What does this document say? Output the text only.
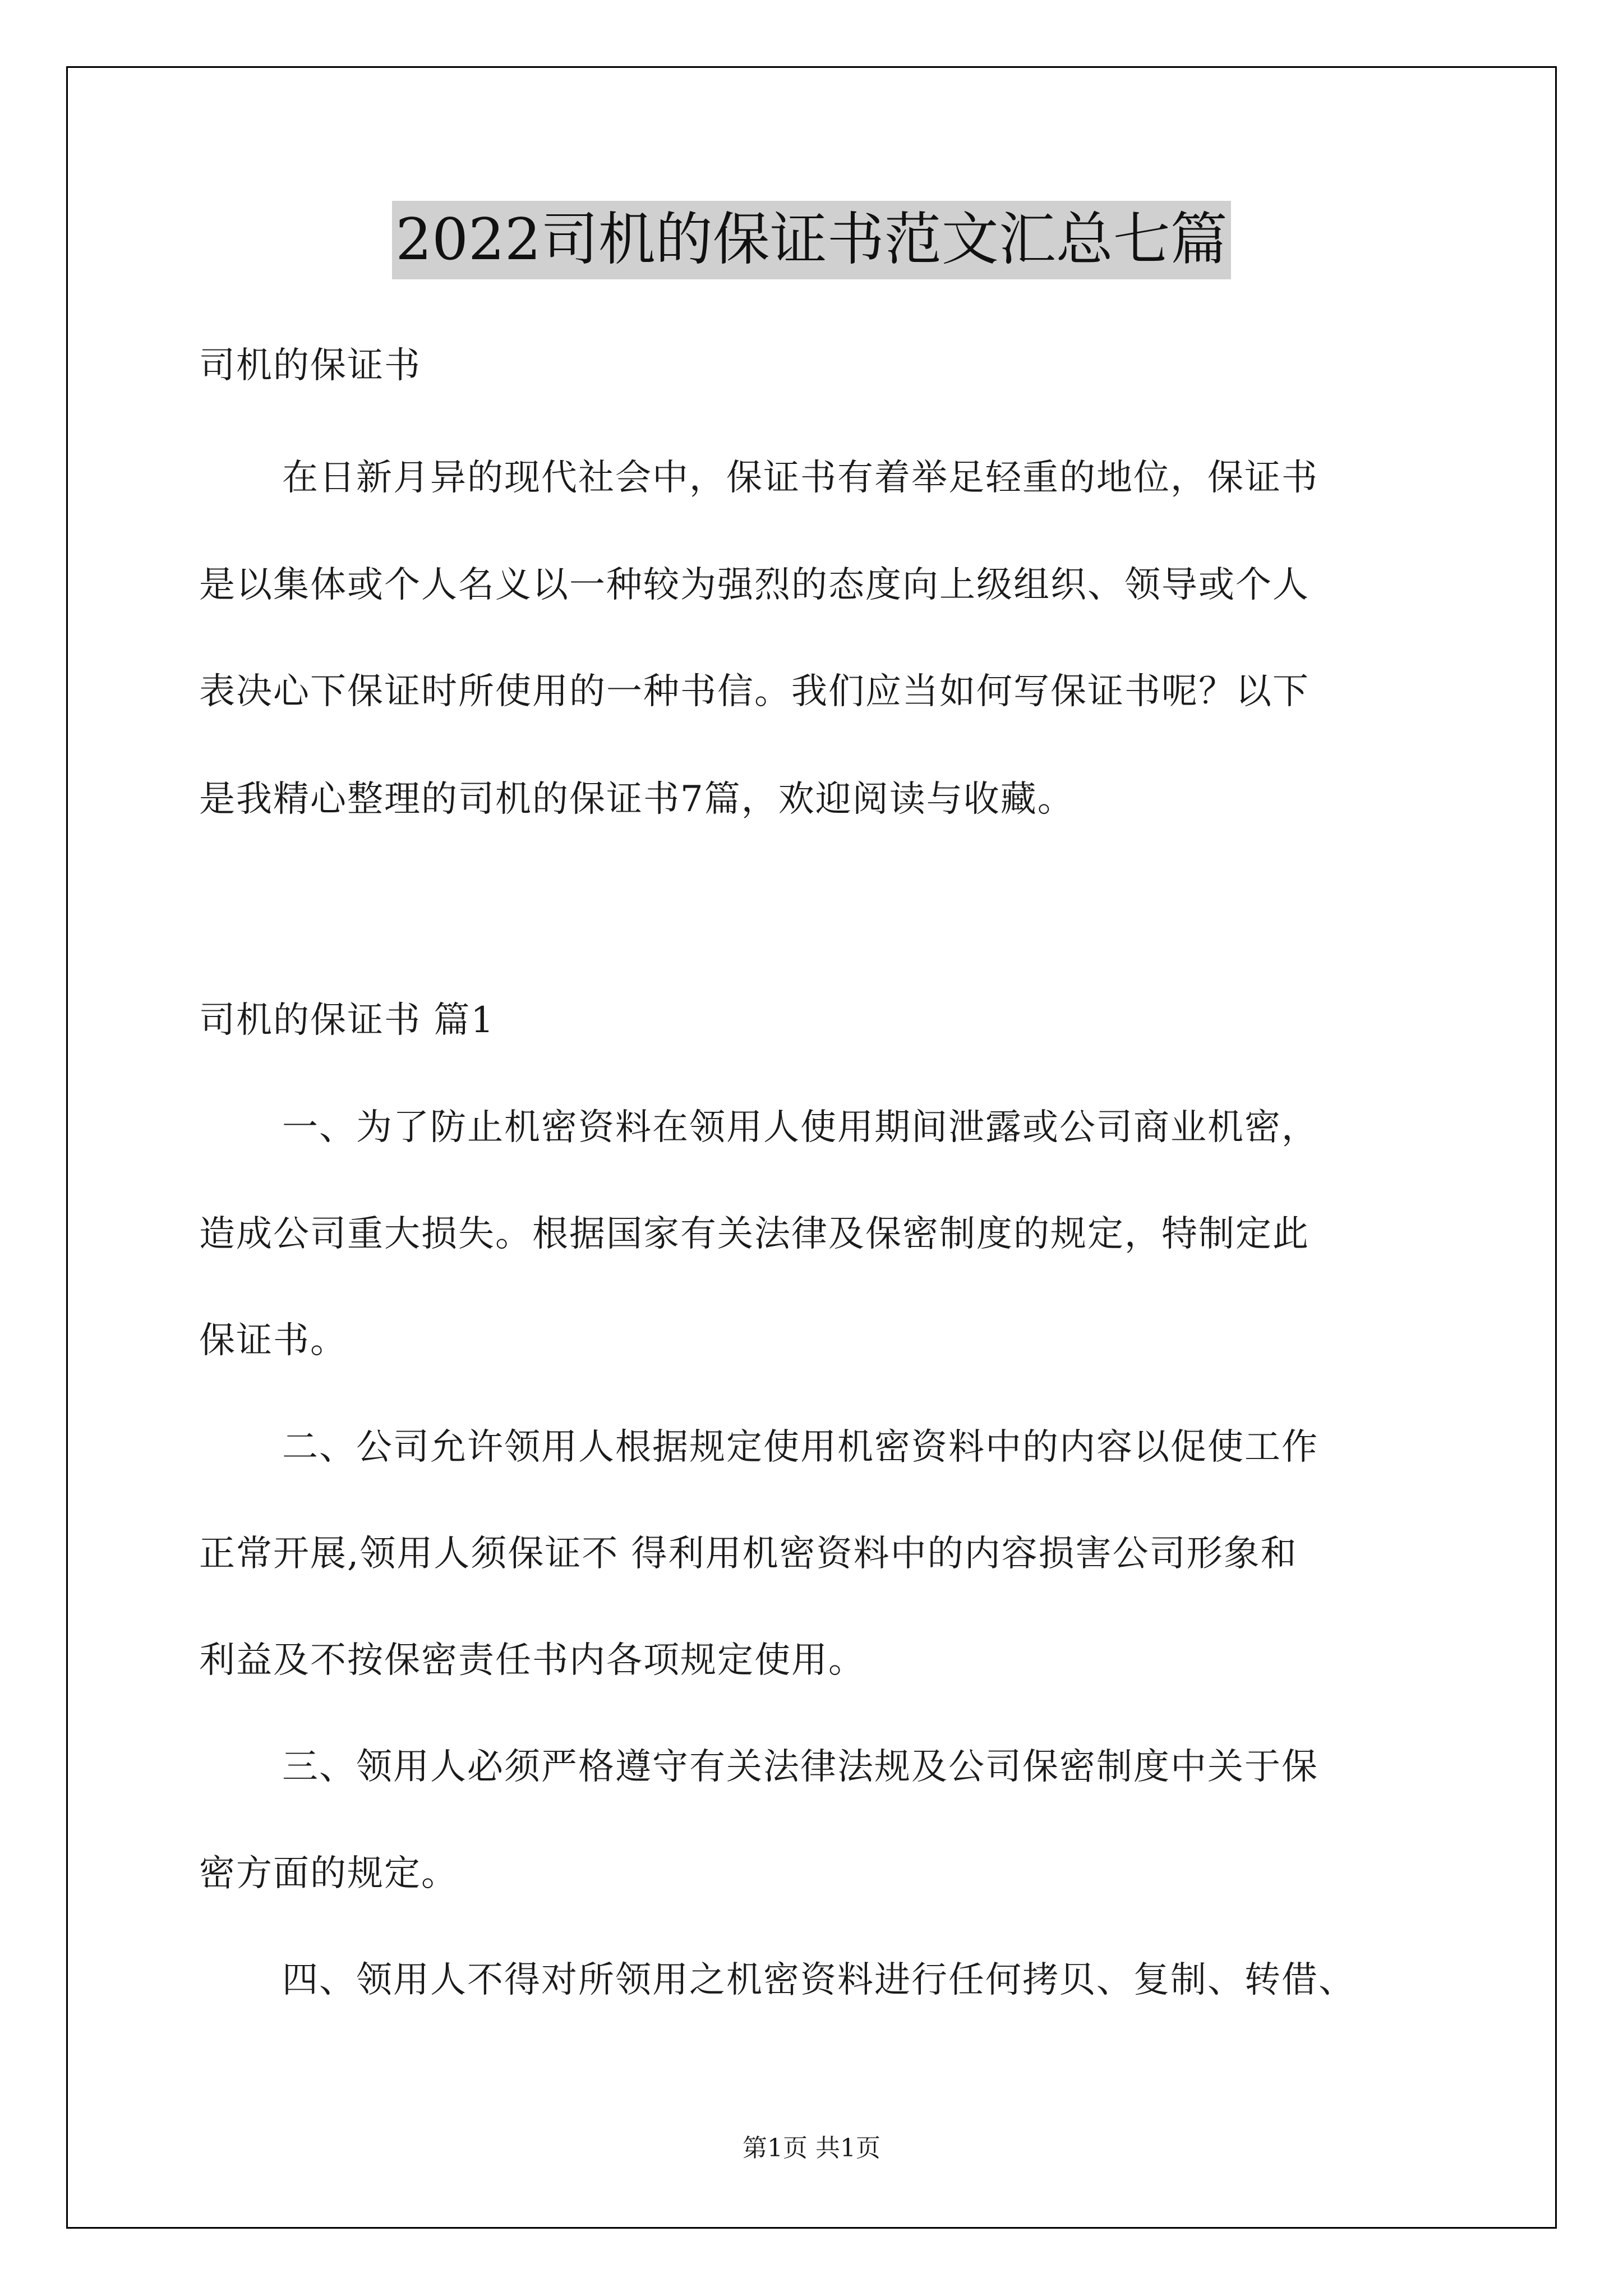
2022司机的保证书范文汇总七篇
司机的保证书
在日新月异的现代社会中，保证书有着举足轻重的地位，保证书
是以集体或个人名义以一种较为强烈的态度向上级组织、领导或个人
表决心下保证时所使用的一种书信。我们应当如何写保证书呢？以下
是我精心整理的司机的保证书7篇，欢迎阅读与收藏。
司机的保证书 篇1
一、为了防止机密资料在领用人使用期间泄露或公司商业机密，
造成公司重大损失。根据国家有关法律及保密制度的规定，特制定此
保证书。
二、公司允许领用人根据规定使用机密资料中的内容以促使工作
正常开展,领用人须保证不 得利用机密资料中的内容损害公司形象和
利益及不按保密责任书内各项规定使用。
三、领用人必须严格遵守有关法律法规及公司保密制度中关于保
密方面的规定。
四、领用人不得对所领用之机密资料进行任何拷贝、复制、转借、
第1页 共1页
